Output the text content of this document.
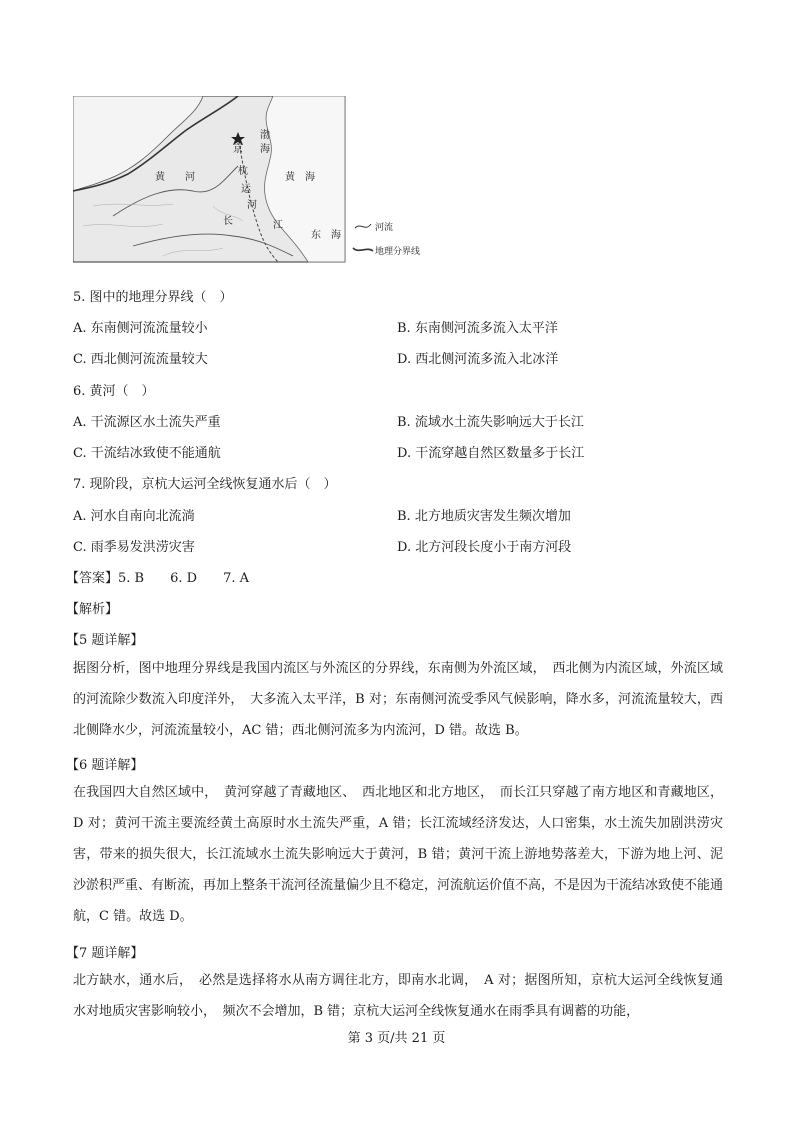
渤
海
京
杭
运
河
黄 河	黄 海
长	江
东 海
河流
地理分界线
5. 图中的地理分界线（　）
A. 东南侧河流流量较小	B. 东南侧河流多流入太平洋
C. 西北侧河流流量较大	D. 西北侧河流多流入北冰洋
6. 黄河（　）
A. 干流源区水土流失严重	B. 流域水土流失影响远大于长江
C. 干流结冰致使不能通航	D. 干流穿越自然区数量多于长江
7. 现阶段，京杭大运河全线恢复通水后（　）
A. 河水自南向北流淌	B. 北方地质灾害发生频次增加
C. 雨季易发洪涝灾害	D. 北方河段长度小于南方河段
【答案】5. B　　6. D　　7. A
【解析】
【5 题详解】
据图分析，图中地理分界线是我国内流区与外流区的分界线，东南侧为外流区域，　西北侧为内流区域，外流区域的河流除少数流入印度洋外，　大多流入太平洋，B 对；东南侧河流受季风气候影响，降水多，河流流量较大，西北侧降水少，河流流量较小，AC 错；西北侧河流多为内流河，D 错。故选 B。
【6 题详解】
在我国四大自然区域中，　黄河穿越了青藏地区、　西北地区和北方地区，　而长江只穿越了南方地区和青藏地区，D 对；黄河干流主要流经黄土高原时水土流失严重，A 错；长江流域经济发达，人口密集，水土流失加剧洪涝灾害，带来的损失很大，长江流域水土流失影响远大于黄河，B 错；黄河干流上游地势落差大，下游为地上河、泥沙淤积严重、有断流，再加上整条干流河径流量偏少且不稳定，河流航运价值不高，不是因为干流结冰致使不能通航，C 错。故选 D。
【7 题详解】
北方缺水，通水后，　必然是选择将水从南方调往北方，即南水北调，　A 对；据图所知，京杭大运河全线恢复通水对地质灾害影响较小，　频次不会增加，B 错；京杭大运河全线恢复通水在雨季具有调蓄的功能，
第 3 页/共 21 页
